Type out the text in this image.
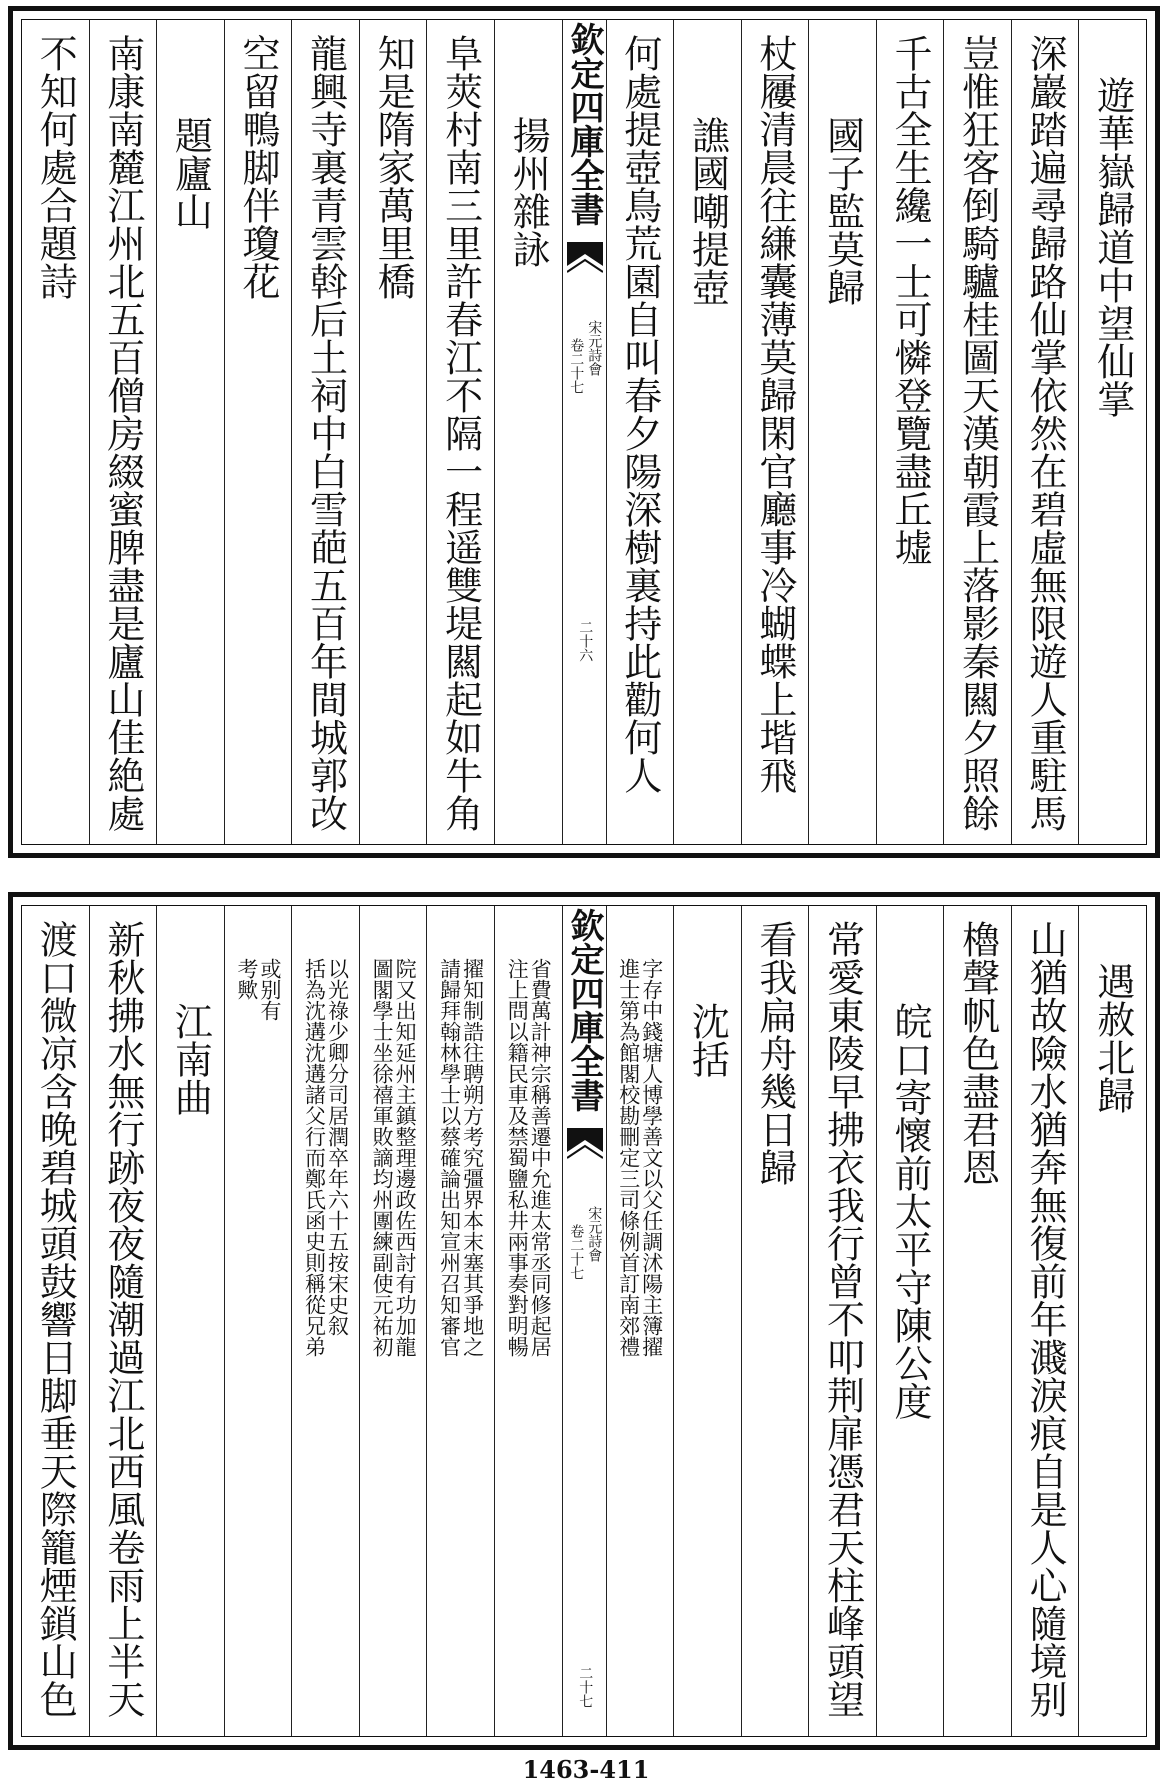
遊華嶽歸道中望仙掌
深巖踏遍尋歸路仙掌依然在碧虛無限遊人重駐馬
豈惟狂客倒騎驢桂圖天漢朝霞上落影秦闗夕照餘
千古全生纔一士可憐登覽盡丘墟
國子監莫歸
杖屨清晨往縑囊薄莫歸閑官廳事冷蝴蝶上堦飛
譙國嘲提壺
何處提壺鳥荒園自叫春夕陽深樹裏持此勸何人
欽定四庫全書
宋元詩會
卷二十七
二十六
揚州雜詠
阜莢村南三里許春江不隔一程遥雙堤闗起如牛角
知是隋家萬里橋
龍興寺裏青雲斡后土祠中白雪葩五百年間城郭改
空留鴨脚伴瓊花
題廬山
南康南麓江州北五百僧房綴蜜脾盡是廬山佳絶處
不知何處合題詩
遇赦北歸
山猶故險水猶奔無復前年濺淚痕自是人心隨境别
櫓聲帆色盡君恩
皖口寄懷前太平守陳公度
常愛東陵早拂衣我行曾不叩荆扉憑君天柱峰頭望
看我扁舟幾日歸
沈括
字存中錢塘人博學善文以父任調沭陽主簿擢
進士第為館閣校勘刪定三司條例首訂南郊禮
欽定四庫全書
宋元詩會
卷二十七
二十七
省費萬計神宗稱善遷中允進太常丞同修起居
注上問以籍民車及禁蜀鹽私井兩事奏對明暢
擢知制誥往聘朔方考究彊界本末塞其爭地之
請歸拜翰林學士以蔡確論出知宣州召知審官
院又出知延州主鎮整理邊政佐西討有功加龍
圖閣學士坐徐禧軍敗謫均州團練副使元祐初
以光祿少卿分司居潤卒年六十五按宋史叙
括為沈遘沈遘諸父行而鄭氏函史則稱從兄弟
或别有
考歟
江南曲
新秋拂水無行跡夜夜隨潮過江北西風卷雨上半天
渡口微凉含晚碧城頭鼓響日脚垂天際籠煙鎖山色
1463-411
